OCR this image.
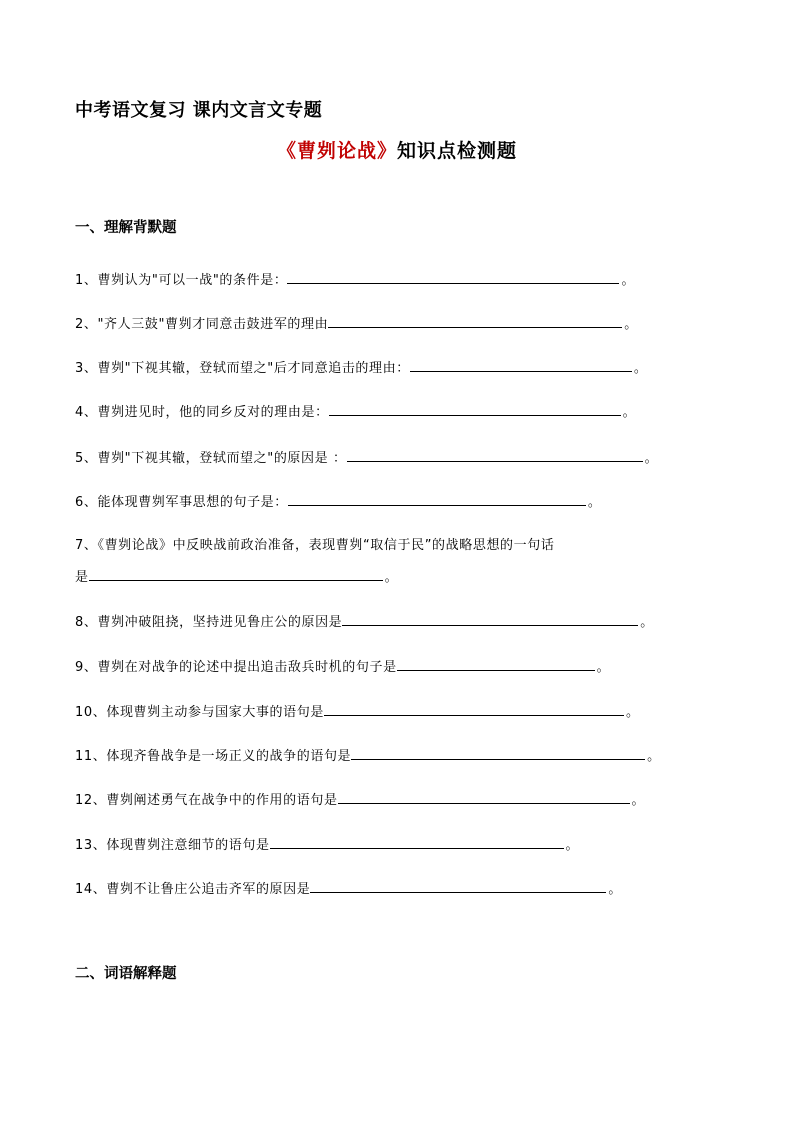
中考语文复习 课内文言文专题
《曹刿论战》知识点检测题
一、理解背默题
1、曹刿认为"可以一战"的条件是：	。
2、"齐人三鼓"曹刿才同意击鼓进军的理由	。
3、曹刿"下视其辙，登轼而望之"后才同意追击的理由：	。
4、曹刿进见时，他的同乡反对的理由是：	。
5、曹刿"下视其辙，登轼而望之"的原因是 ：	。
6、能体现曹刿军事思想的句子是：	。
7、《曹刿论战》中反映战前政治准备，表现曹刿“取信于民”的战略思想的一句话
是	。
8、曹刿冲破阻挠，坚持进见鲁庄公的原因是	。
9、曹刿在对战争的论述中提出追击敌兵时机的句子是	。
10、体现曹刿主动参与国家大事的语句是	。
11、体现齐鲁战争是一场正义的战争的语句是	。
12、曹刿阐述勇气在战争中的作用的语句是	。
13、体现曹刿注意细节的语句是	。
14、曹刿不让鲁庄公追击齐军的原因是	。
二、词语解释题
